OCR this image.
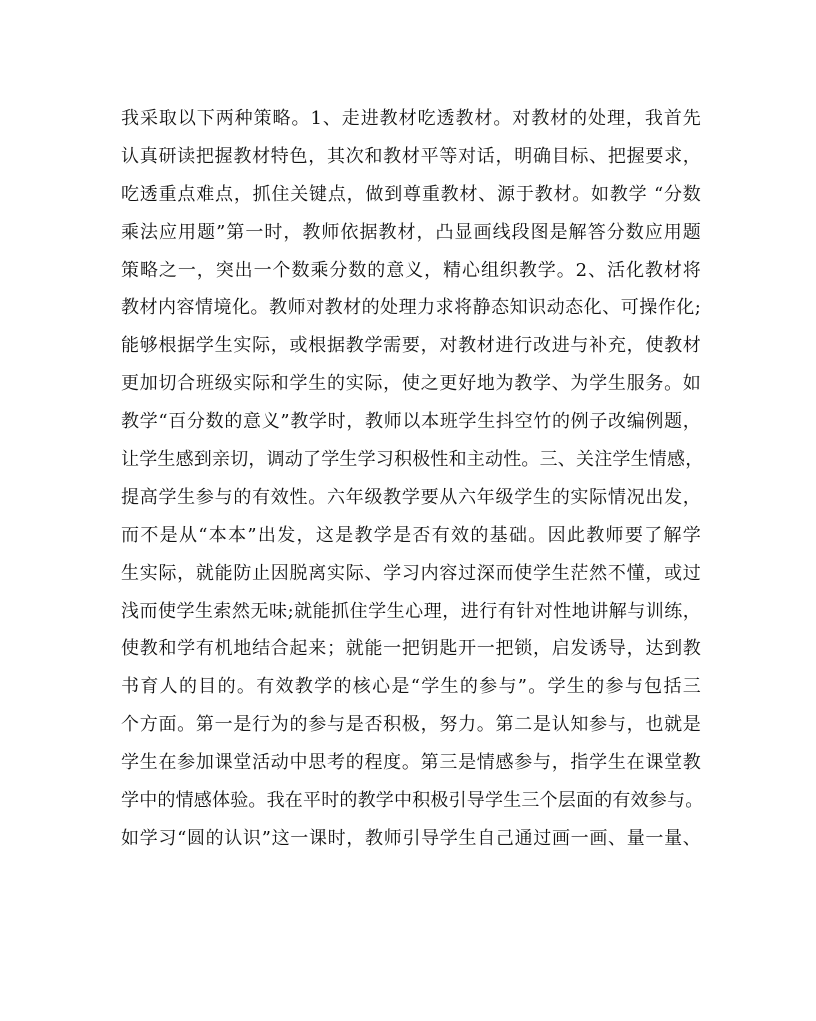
我采取以下两种策略。1、走进教材吃透教材。对教材的处理，我首先
认真研读把握教材特色，其次和教材平等对话，明确目标、把握要求，
吃透重点难点，抓住关键点，做到尊重教材、源于教材。如教学 “分数
乘法应用题”第一时，教师依据教材，凸显画线段图是解答分数应用题
策略之一，突出一个数乘分数的意义，精心组织教学。2、活化教材将
教材内容情境化。教师对教材的处理力求将静态知识动态化、可操作化;
能够根据学生实际，或根据教学需要，对教材进行改进与补充，使教材
更加切合班级实际和学生的实际，使之更好地为教学、为学生服务。如
教学“百分数的意义”教学时，教师以本班学生抖空竹的例子改编例题，
让学生感到亲切，调动了学生学习积极性和主动性。三、关注学生情感，
提高学生参与的有效性。六年级教学要从六年级学生的实际情况出发，
而不是从“本本”出发，这是教学是否有效的基础。因此教师要了解学
生实际，就能防止因脱离实际、学习内容过深而使学生茫然不懂，或过
浅而使学生索然无味;就能抓住学生心理，进行有针对性地讲解与训练，
使教和学有机地结合起来；就能一把钥匙开一把锁，启发诱导，达到教
书育人的目的。有效教学的核心是“学生的参与”。学生的参与包括三
个方面。第一是行为的参与是否积极，努力。第二是认知参与，也就是
学生在参加课堂活动中思考的程度。第三是情感参与，指学生在课堂教
学中的情感体验。我在平时的教学中积极引导学生三个层面的有效参与。
如学习“圆的认识”这一课时，教师引导学生自己通过画一画、量一量、
